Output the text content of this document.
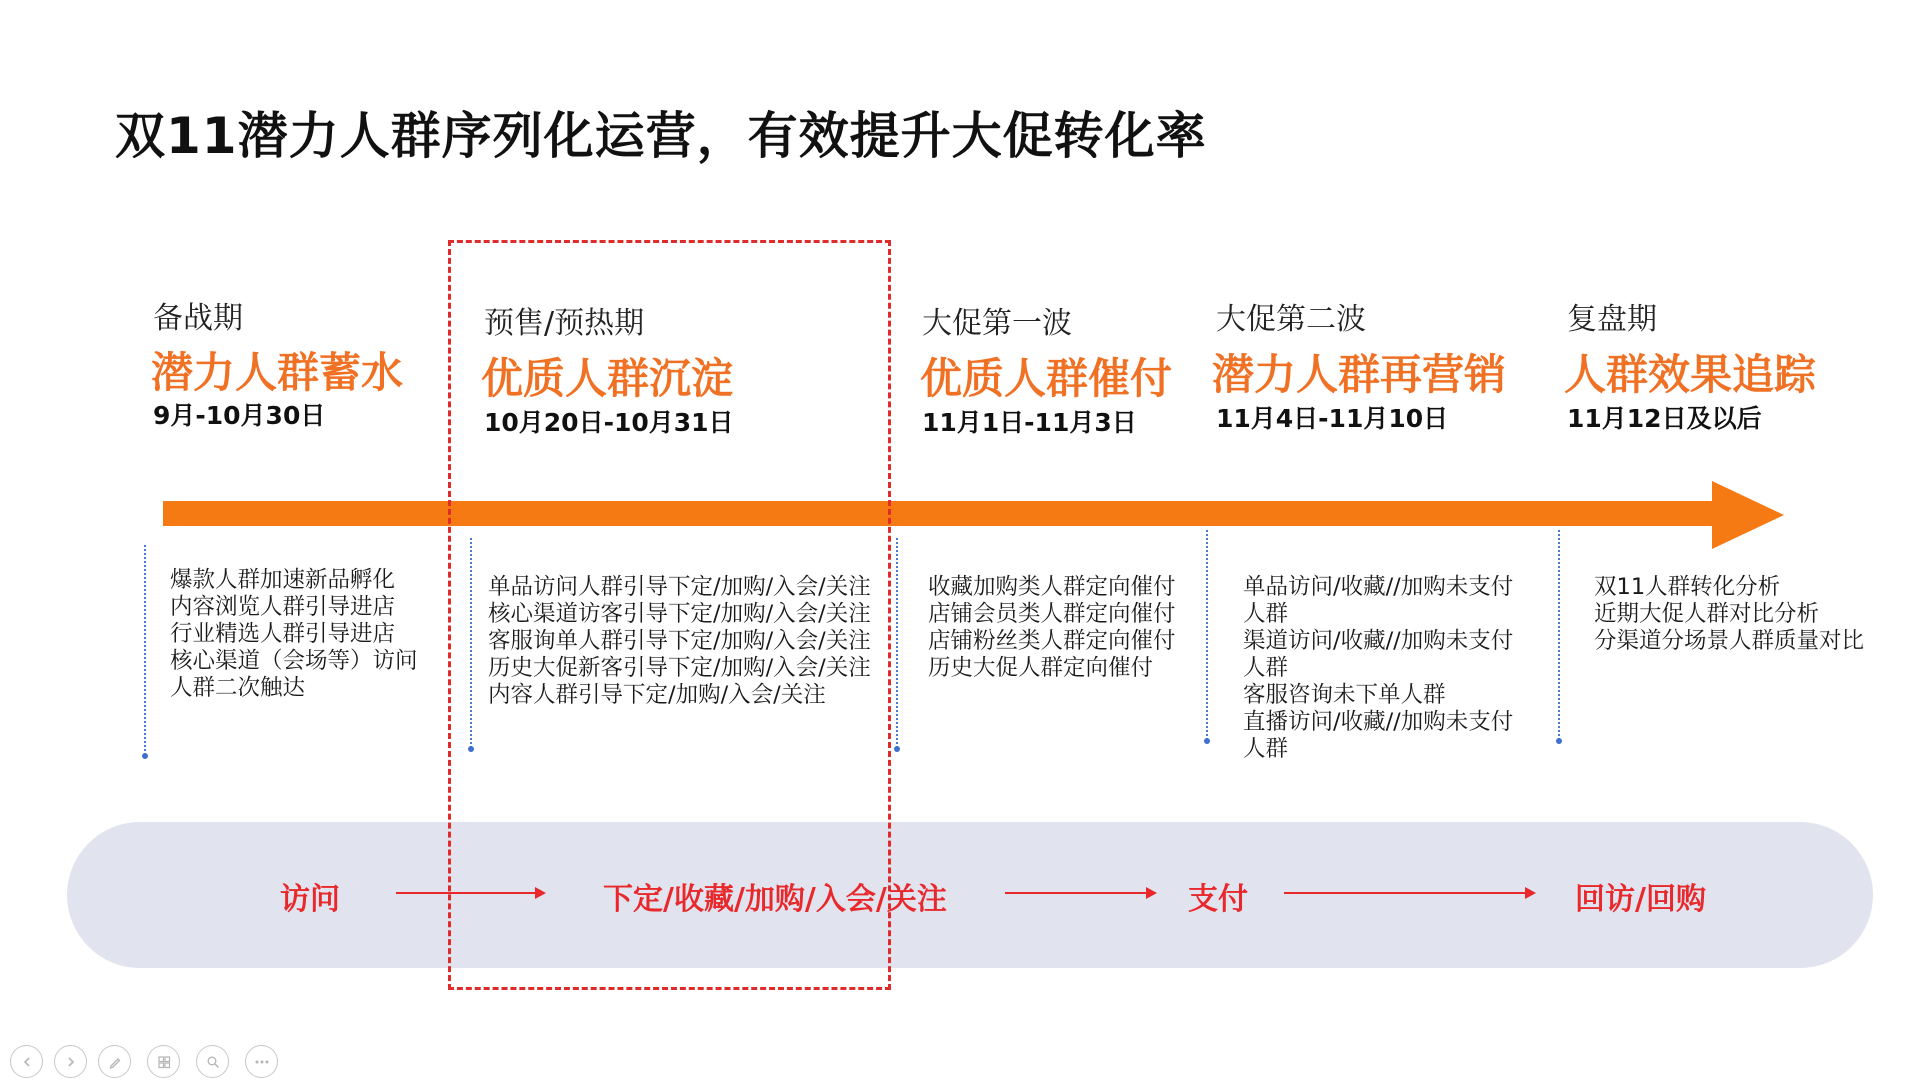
双11潜力人群序列化运营，有效提升大促转化率
备战期
潜力人群蓄水
9月-10月30日
预售/预热期
优质人群沉淀
10月20日-10月31日
大促第一波
优质人群催付
11月1日-11月3日
大促第二波
潜力人群再营销
11月4日-11月10日
复盘期
人群效果追踪
11月12日及以后
爆款人群加速新品孵化
内容浏览人群引导进店
行业精选人群引导进店
核心渠道（会场等）访问
人群二次触达
单品访问人群引导下定/加购/入会/关注
核心渠道访客引导下定/加购/入会/关注
客服询单人群引导下定/加购/入会/关注
历史大促新客引导下定/加购/入会/关注
内容人群引导下定/加购/入会/关注
收藏加购类人群定向催付
店铺会员类人群定向催付
店铺粉丝类人群定向催付
历史大促人群定向催付
单品访问/收藏//加购未支付
人群
渠道访问/收藏//加购未支付
人群
客服咨询未下单人群
直播访问/收藏//加购未支付
人群
双11人群转化分析
近期大促人群对比分析
分渠道分场景人群质量对比
访问	下定/收藏/加购/入会/关注	支付	回访/回购
